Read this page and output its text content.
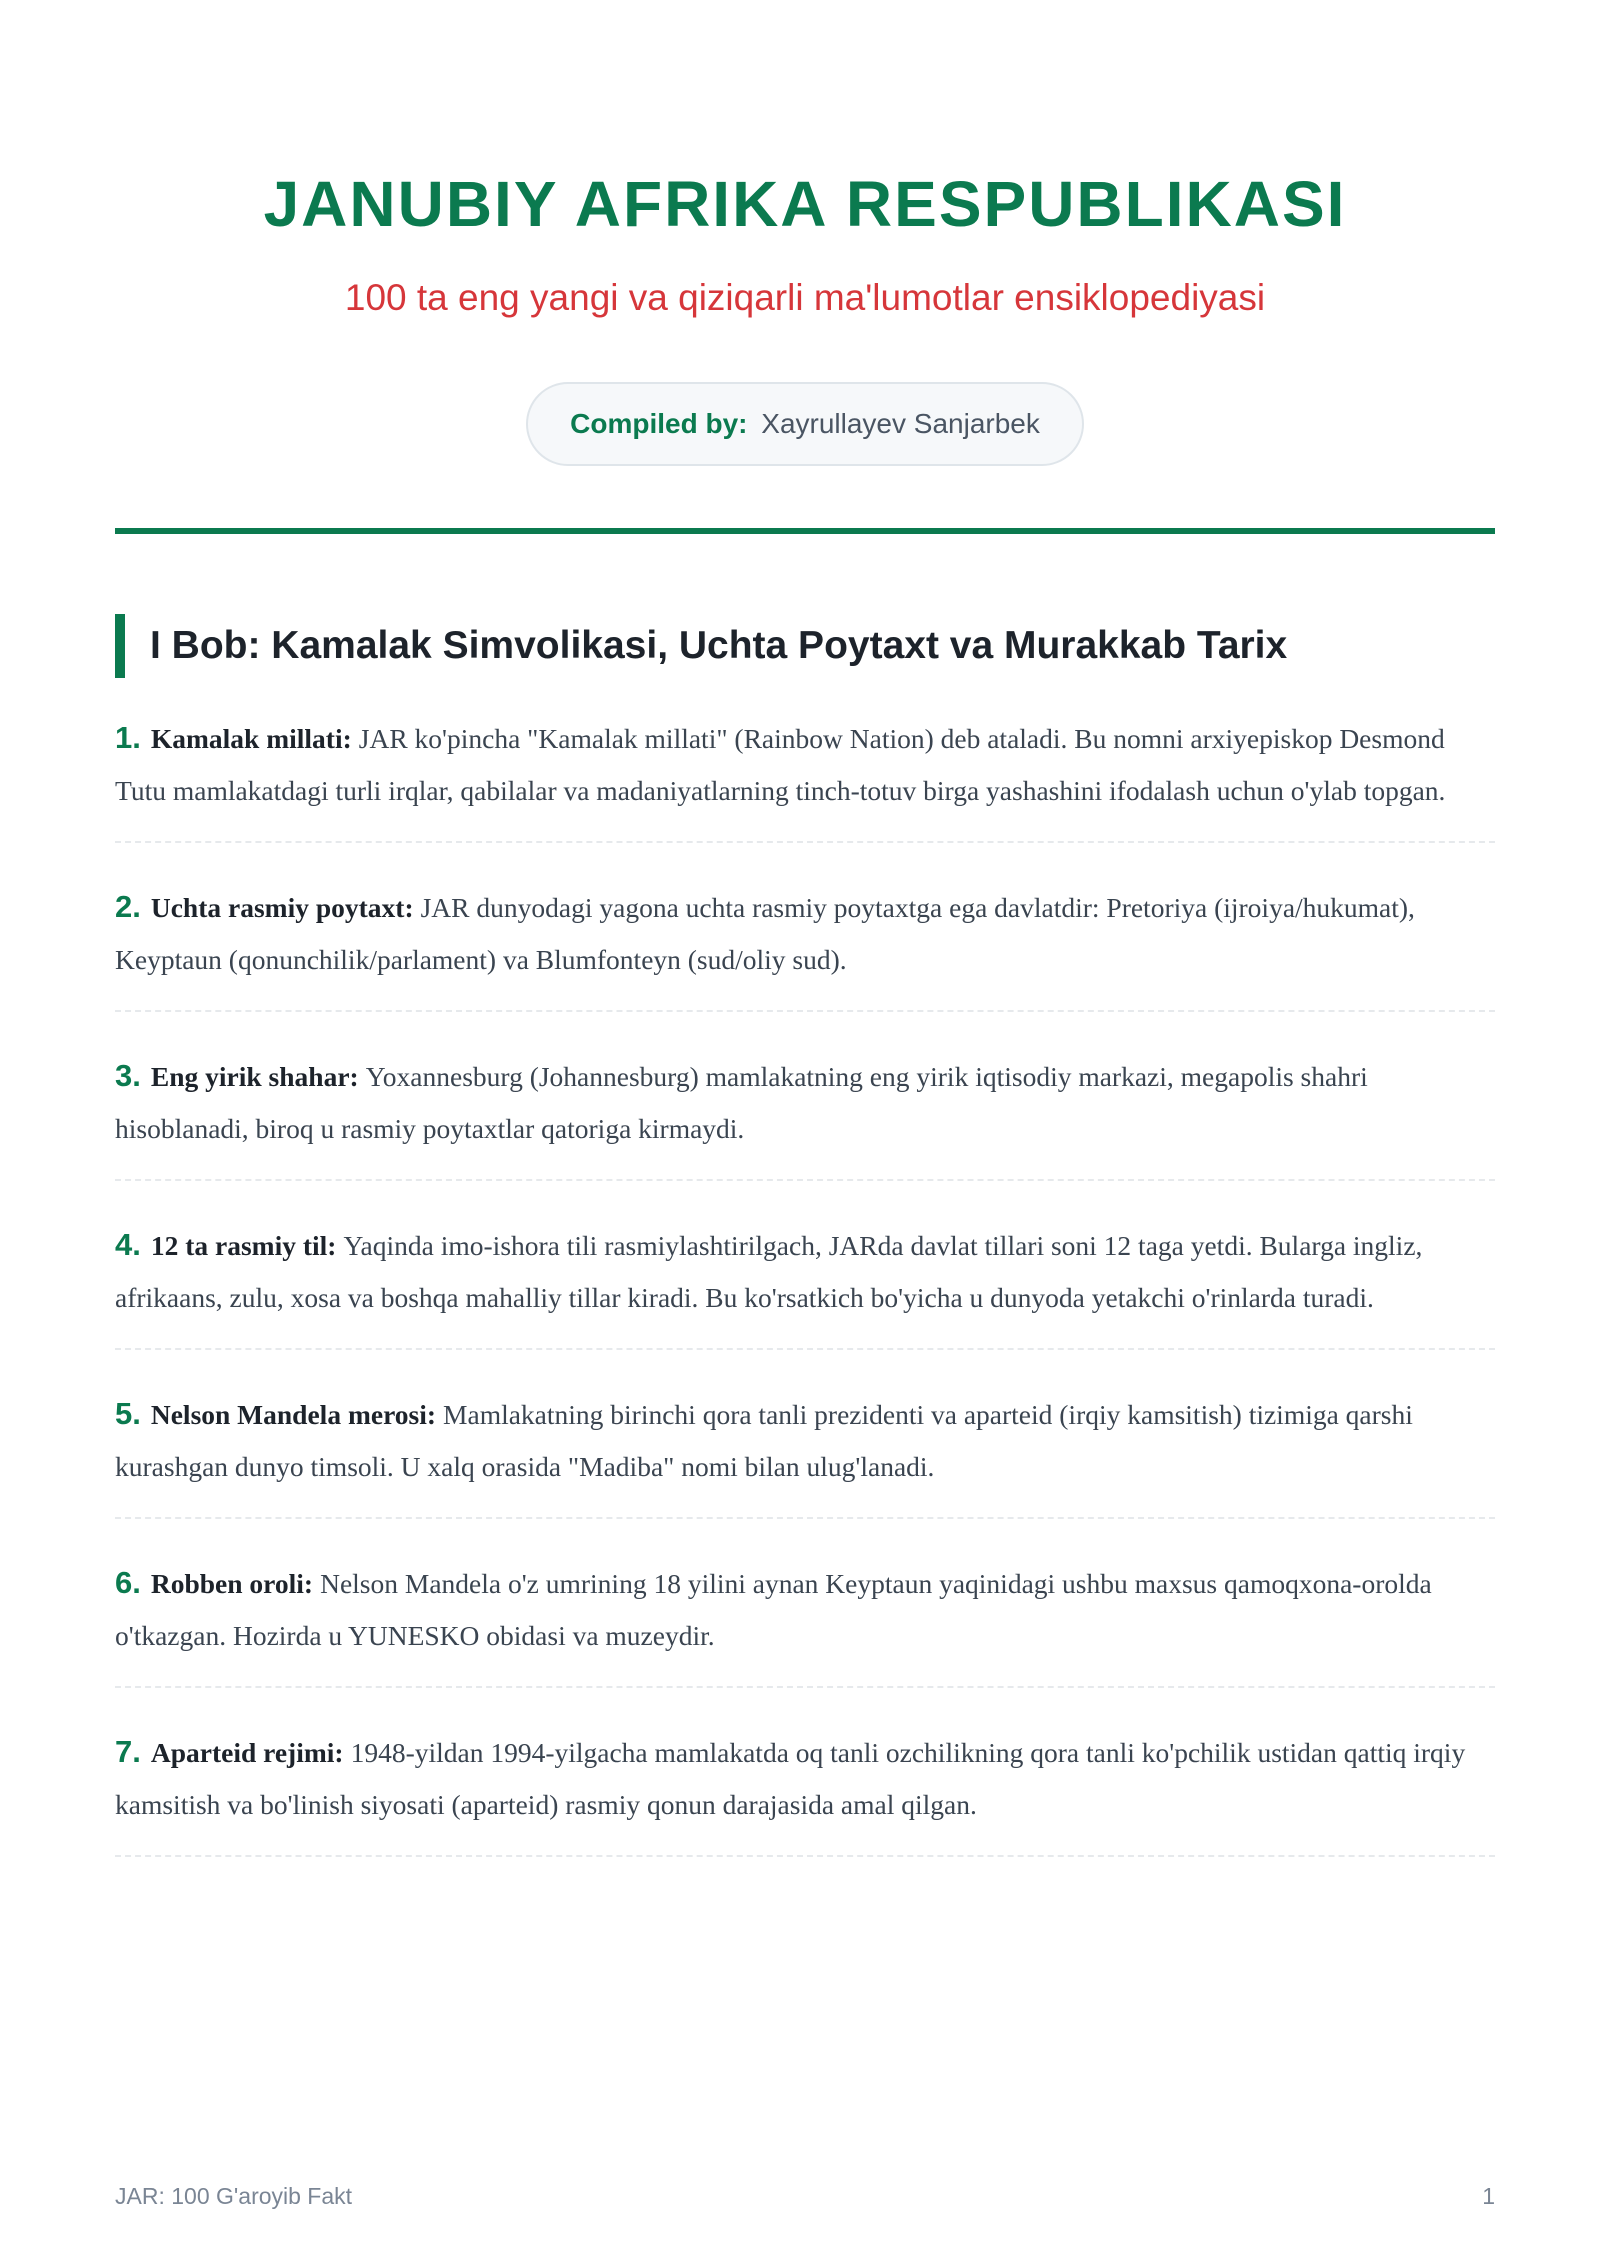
JANUBIY AFRIKA RESPUBLIKASI
100 ta eng yangi va qiziqarli ma'lumotlar ensiklopediyasi
Compiled by: Xayrullayev Sanjarbek
I Bob: Kamalak Simvolikasi, Uchta Poytaxt va Murakkab Tarix
1. Kamalak millati: JAR ko'pincha "Kamalak millati" (Rainbow Nation) deb ataladi. Bu nomni arxiyepiskop Desmond Tutu mamlakatdagi turli irqlar, qabilalar va madaniyatlarning tinch-totuv birga yashashini ifodalash uchun o'ylab topgan.
2. Uchta rasmiy poytaxt: JAR dunyodagi yagona uchta rasmiy poytaxtga ega davlatdir: Pretoriya (ijroiya/hukumat), Keyptaun (qonunchilik/parlament) va Blumfonteyn (sud/oliy sud).
3. Eng yirik shahar: Yoxannesburg (Johannesburg) mamlakatning eng yirik iqtisodiy markazi, megapolis shahri hisoblanadi, biroq u rasmiy poytaxtlar qatoriga kirmaydi.
4. 12 ta rasmiy til: Yaqinda imo-ishora tili rasmiylashtirilgach, JARda davlat tillari soni 12 taga yetdi. Bularga ingliz, afrikaans, zulu, xosa va boshqa mahalliy tillar kiradi. Bu ko'rsatkich bo'yicha u dunyoda yetakchi o'rinlarda turadi.
5. Nelson Mandela merosi: Mamlakatning birinchi qora tanli prezidenti va aparteid (irqiy kamsitish) tizimiga qarshi kurashgan dunyo timsoli. U xalq orasida "Madiba" nomi bilan ulug'lanadi.
6. Robben oroli: Nelson Mandela o'z umrining 18 yilini aynan Keyptaun yaqinidagi ushbu maxsus qamoqxona-orolda o'tkazgan. Hozirda u YUNESKO obidasi va muzeydir.
7. Aparteid rejimi: 1948-yildan 1994-yilgacha mamlakatda oq tanli ozchilikning qora tanli ko'pchilik ustidan qattiq irqiy kamsitish va bo'linish siyosati (aparteid) rasmiy qonun darajasida amal qilgan.
JAR: 100 G'aroyib Fakt	1
